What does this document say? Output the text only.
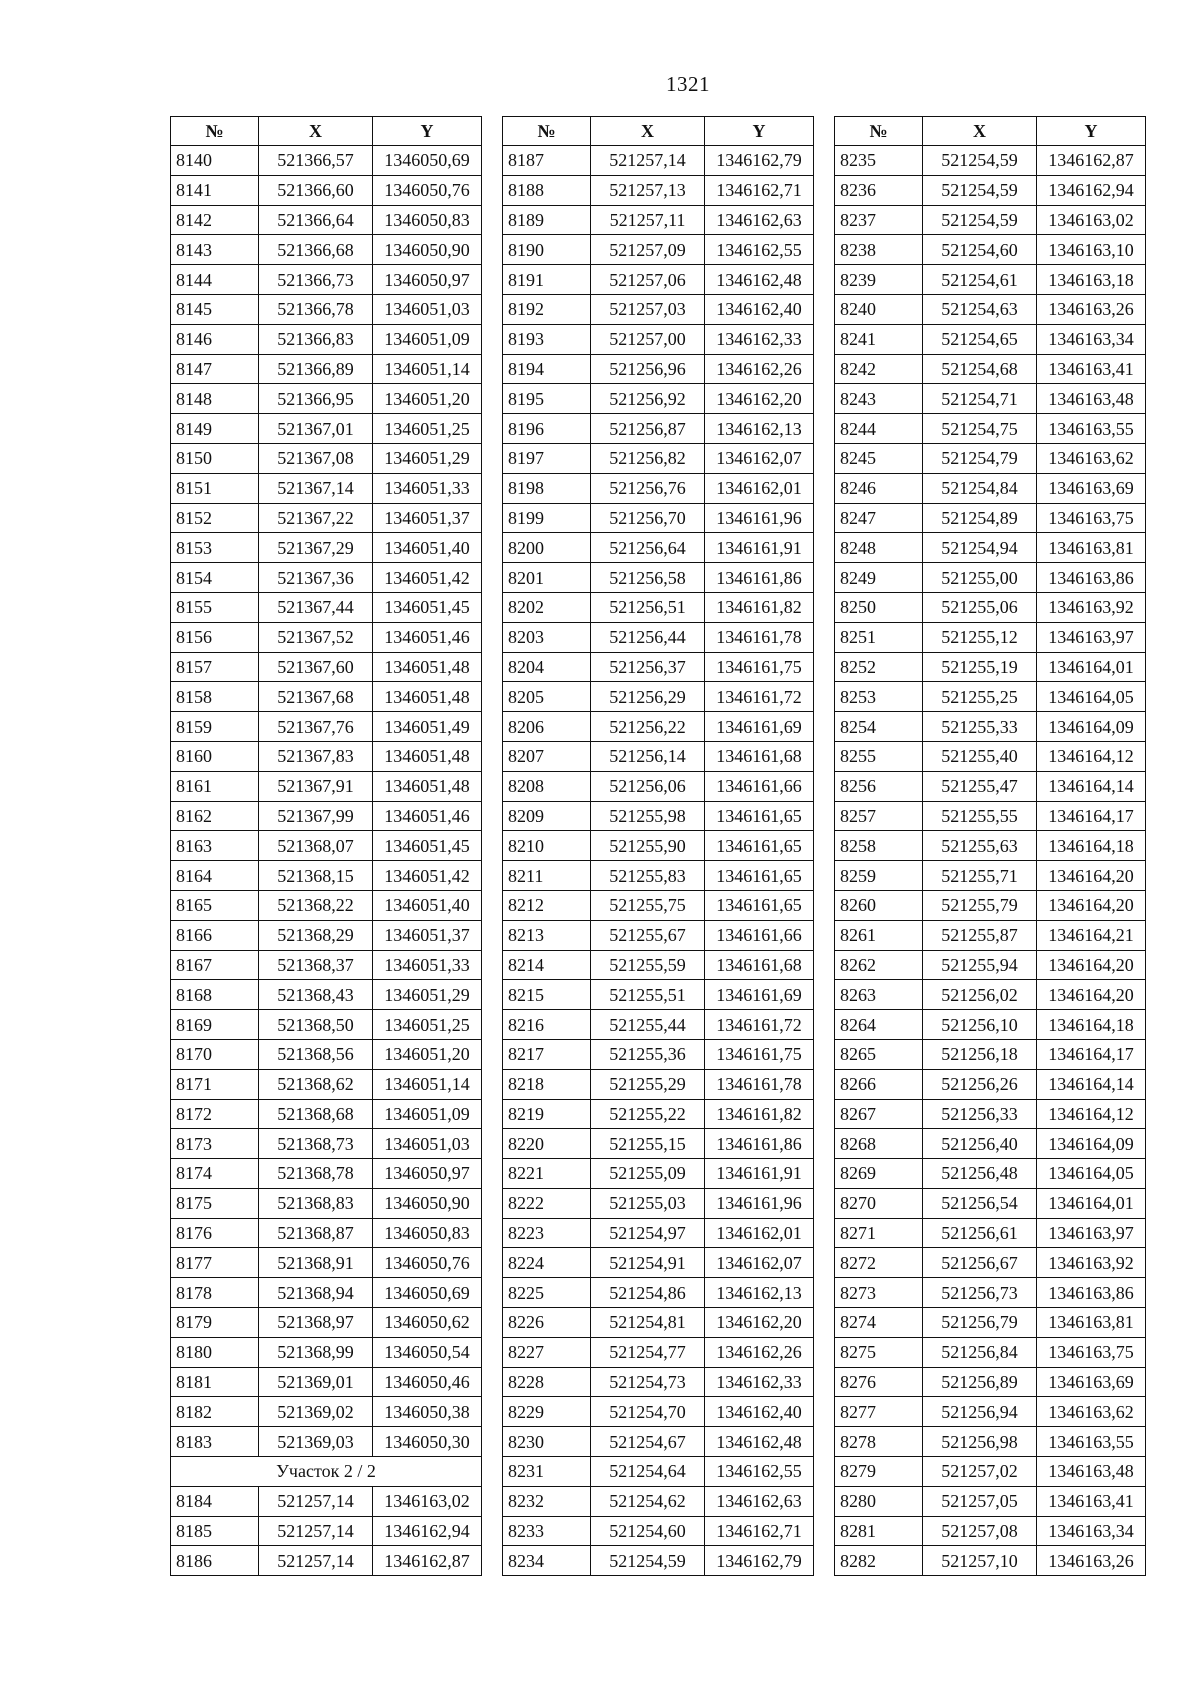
1321
№	X	Y
8140	521366,57	1346050,69
8141	521366,60	1346050,76
8142	521366,64	1346050,83
8143	521366,68	1346050,90
8144	521366,73	1346050,97
8145	521366,78	1346051,03
8146	521366,83	1346051,09
8147	521366,89	1346051,14
8148	521366,95	1346051,20
8149	521367,01	1346051,25
8150	521367,08	1346051,29
8151	521367,14	1346051,33
8152	521367,22	1346051,37
8153	521367,29	1346051,40
8154	521367,36	1346051,42
8155	521367,44	1346051,45
8156	521367,52	1346051,46
8157	521367,60	1346051,48
8158	521367,68	1346051,48
8159	521367,76	1346051,49
8160	521367,83	1346051,48
8161	521367,91	1346051,48
8162	521367,99	1346051,46
8163	521368,07	1346051,45
8164	521368,15	1346051,42
8165	521368,22	1346051,40
8166	521368,29	1346051,37
8167	521368,37	1346051,33
8168	521368,43	1346051,29
8169	521368,50	1346051,25
8170	521368,56	1346051,20
8171	521368,62	1346051,14
8172	521368,68	1346051,09
8173	521368,73	1346051,03
8174	521368,78	1346050,97
8175	521368,83	1346050,90
8176	521368,87	1346050,83
8177	521368,91	1346050,76
8178	521368,94	1346050,69
8179	521368,97	1346050,62
8180	521368,99	1346050,54
8181	521369,01	1346050,46
8182	521369,02	1346050,38
8183	521369,03	1346050,30
Участок 2 / 2		
8184	521257,14	1346163,02
8185	521257,14	1346162,94
8186	521257,14	1346162,87
№	X	Y
8187	521257,14	1346162,79
8188	521257,13	1346162,71
8189	521257,11	1346162,63
8190	521257,09	1346162,55
8191	521257,06	1346162,48
8192	521257,03	1346162,40
8193	521257,00	1346162,33
8194	521256,96	1346162,26
8195	521256,92	1346162,20
8196	521256,87	1346162,13
8197	521256,82	1346162,07
8198	521256,76	1346162,01
8199	521256,70	1346161,96
8200	521256,64	1346161,91
8201	521256,58	1346161,86
8202	521256,51	1346161,82
8203	521256,44	1346161,78
8204	521256,37	1346161,75
8205	521256,29	1346161,72
8206	521256,22	1346161,69
8207	521256,14	1346161,68
8208	521256,06	1346161,66
8209	521255,98	1346161,65
8210	521255,90	1346161,65
8211	521255,83	1346161,65
8212	521255,75	1346161,65
8213	521255,67	1346161,66
8214	521255,59	1346161,68
8215	521255,51	1346161,69
8216	521255,44	1346161,72
8217	521255,36	1346161,75
8218	521255,29	1346161,78
8219	521255,22	1346161,82
8220	521255,15	1346161,86
8221	521255,09	1346161,91
8222	521255,03	1346161,96
8223	521254,97	1346162,01
8224	521254,91	1346162,07
8225	521254,86	1346162,13
8226	521254,81	1346162,20
8227	521254,77	1346162,26
8228	521254,73	1346162,33
8229	521254,70	1346162,40
8230	521254,67	1346162,48
8231	521254,64	1346162,55
8232	521254,62	1346162,63
8233	521254,60	1346162,71
8234	521254,59	1346162,79
№	X	Y
8235	521254,59	1346162,87
8236	521254,59	1346162,94
8237	521254,59	1346163,02
8238	521254,60	1346163,10
8239	521254,61	1346163,18
8240	521254,63	1346163,26
8241	521254,65	1346163,34
8242	521254,68	1346163,41
8243	521254,71	1346163,48
8244	521254,75	1346163,55
8245	521254,79	1346163,62
8246	521254,84	1346163,69
8247	521254,89	1346163,75
8248	521254,94	1346163,81
8249	521255,00	1346163,86
8250	521255,06	1346163,92
8251	521255,12	1346163,97
8252	521255,19	1346164,01
8253	521255,25	1346164,05
8254	521255,33	1346164,09
8255	521255,40	1346164,12
8256	521255,47	1346164,14
8257	521255,55	1346164,17
8258	521255,63	1346164,18
8259	521255,71	1346164,20
8260	521255,79	1346164,20
8261	521255,87	1346164,21
8262	521255,94	1346164,20
8263	521256,02	1346164,20
8264	521256,10	1346164,18
8265	521256,18	1346164,17
8266	521256,26	1346164,14
8267	521256,33	1346164,12
8268	521256,40	1346164,09
8269	521256,48	1346164,05
8270	521256,54	1346164,01
8271	521256,61	1346163,97
8272	521256,67	1346163,92
8273	521256,73	1346163,86
8274	521256,79	1346163,81
8275	521256,84	1346163,75
8276	521256,89	1346163,69
8277	521256,94	1346163,62
8278	521256,98	1346163,55
8279	521257,02	1346163,48
8280	521257,05	1346163,41
8281	521257,08	1346163,34
8282	521257,10	1346163,26
